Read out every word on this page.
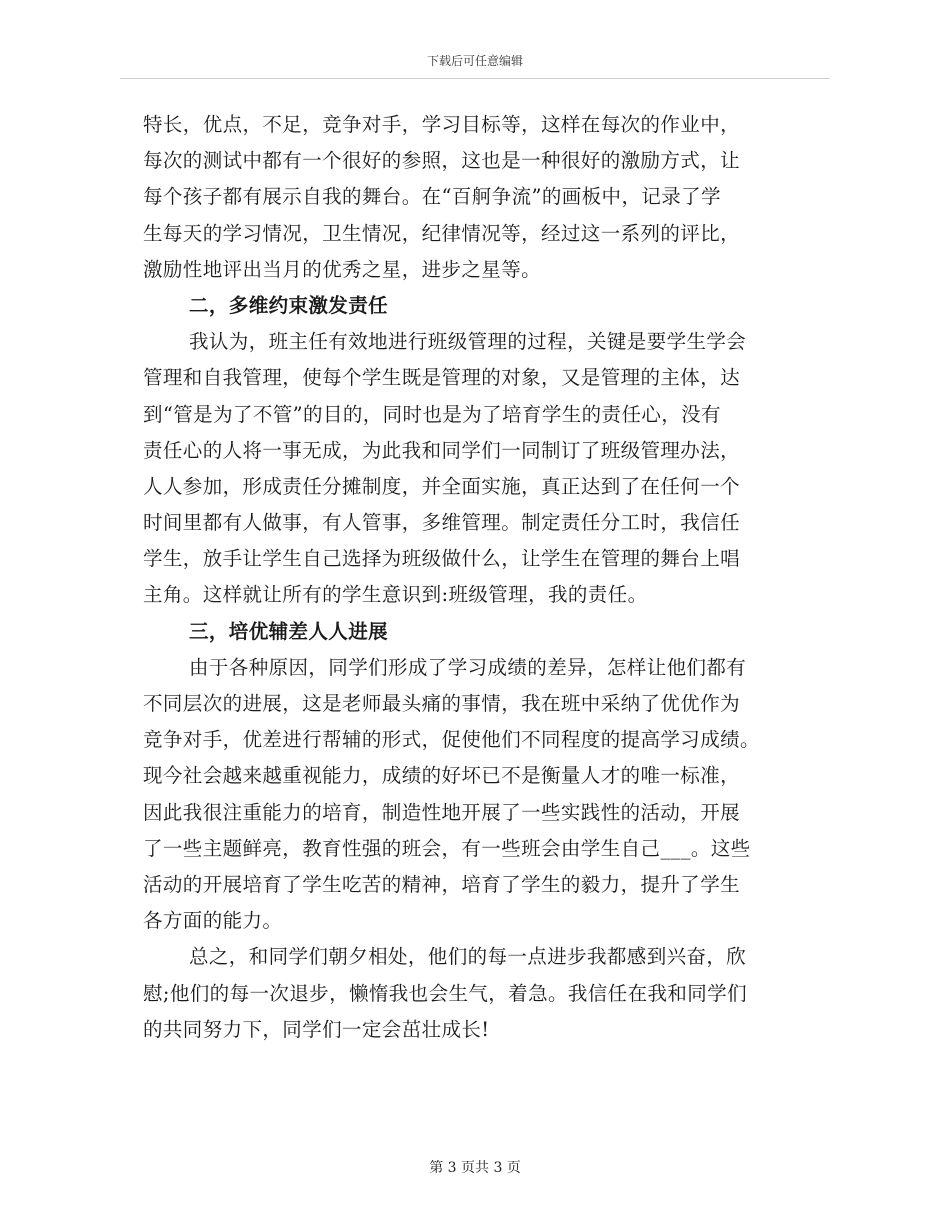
下载后可任意编辑
特长，优点，不足，竞争对手，学习目标等，这样在每次的作业中，
每次的测试中都有一个很好的参照，这也是一种很好的激励方式，让
每个孩子都有展示自我的舞台。在“百舸争流”的画板中，记录了学
生每天的学习情况，卫生情况，纪律情况等，经过这一系列的评比，
激励性地评出当月的优秀之星，进步之星等。
二，多维约束激发责任
我认为，班主任有效地进行班级管理的过程，关键是要学生学会
管理和自我管理，使每个学生既是管理的对象，又是管理的主体，达
到“管是为了不管”的目的，同时也是为了培育学生的责任心，没有
责任心的人将一事无成，为此我和同学们一同制订了班级管理办法，
人人参加，形成责任分摊制度，并全面实施，真正达到了在任何一个
时间里都有人做事，有人管事，多维管理。制定责任分工时，我信任
学生，放手让学生自己选择为班级做什么，让学生在管理的舞台上唱
主角。这样就让所有的学生意识到:班级管理，我的责任。
三，培优辅差人人进展
由于各种原因，同学们形成了学习成绩的差异，怎样让他们都有
不同层次的进展，这是老师最头痛的事情，我在班中采纳了优优作为
竞争对手，优差进行帮辅的形式，促使他们不同程度的提高学习成绩。
现今社会越来越重视能力，成绩的好坏已不是衡量人才的唯一标准，
因此我很注重能力的培育，制造性地开展了一些实践性的活动，开展
了一些主题鲜亮，教育性强的班会，有一些班会由学生自己___。这些
活动的开展培育了学生吃苦的精神，培育了学生的毅力，提升了学生
各方面的能力。
总之，和同学们朝夕相处，他们的每一点进步我都感到兴奋，欣
慰;他们的每一次退步，懒惰我也会生气，着急。我信任在我和同学们
的共同努力下，同学们一定会茁壮成长!
第 3 页共 3 页
